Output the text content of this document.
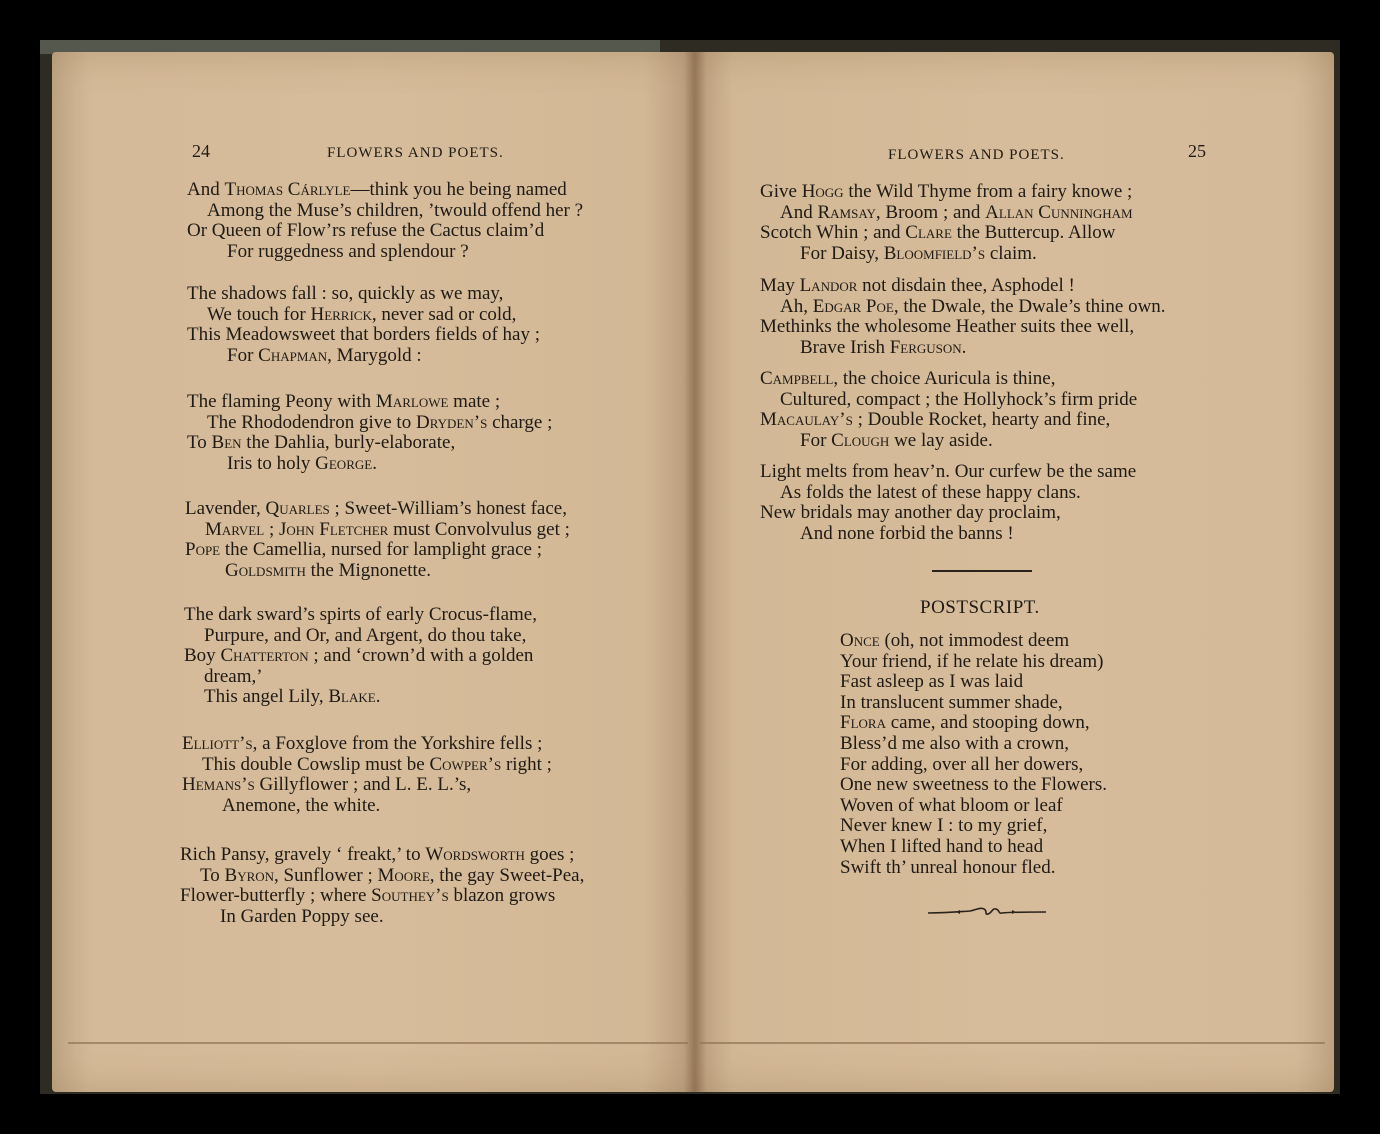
24	FLOWERS AND POETS.
And Thomas Cárlyle—think you he being named
Among the Muse’s children, ’twould offend her ?
Or Queen of Flow’rs refuse the Cactus claim’d
For ruggedness and splendour ?
The shadows fall : so, quickly as we may,
We touch for Herrick, never sad or cold,
This Meadowsweet that borders fields of hay ;
For Chapman, Marygold :
The flaming Peony with Marlowe mate ;
The Rhododendron give to Dryden’s charge ;
To Ben the Dahlia, burly-elaborate,
Iris to holy George.
Lavender, Quarles ; Sweet-William’s honest face,
Marvel ; John Fletcher must Convolvulus get ;
Pope the Camellia, nursed for lamplight grace ;
Goldsmith the Mignonette.
The dark sward’s spirts of early Crocus-flame,
Purpure, and Or, and Argent, do thou take,
Boy Chatterton ; and ‘crown’d with a golden
dream,’
This angel Lily, Blake.
Elliott’s, a Foxglove from the Yorkshire fells ;
This double Cowslip must be Cowper’s right ;
Hemans’s Gillyflower ; and L. E. L.’s,
Anemone, the white.
Rich Pansy, gravely ‘ freakt,’ to Wordsworth goes ;
To Byron, Sunflower ; Moore, the gay Sweet-Pea,
Flower-butterfly ; where Southey’s blazon grows
In Garden Poppy see.
FLOWERS AND POETS.	25
Give Hogg the Wild Thyme from a fairy knowe ;
And Ramsay, Broom ; and Allan Cunningham
Scotch Whin ; and Clare the Buttercup. Allow
For Daisy, Bloomfield’s claim.
May Landor not disdain thee, Asphodel !
Ah, Edgar Poe, the Dwale, the Dwale’s thine own.
Methinks the wholesome Heather suits thee well,
Brave Irish Ferguson.
Campbell, the choice Auricula is thine,
Cultured, compact ; the Hollyhock’s firm pride
Macaulay’s ; Double Rocket, hearty and fine,
For Clough we lay aside.
Light melts from heav’n. Our curfew be the same
As folds the latest of these happy clans.
New bridals may another day proclaim,
And none forbid the banns !
POSTSCRIPT.
Once (oh, not immodest deem
Your friend, if he relate his dream)
Fast asleep as I was laid
In translucent summer shade,
Flora came, and stooping down,
Bless’d me also with a crown,
For adding, over all her dowers,
One new sweetness to the Flowers.
Woven of what bloom or leaf
Never knew I : to my grief,
When I lifted hand to head
Swift th’ unreal honour fled.
